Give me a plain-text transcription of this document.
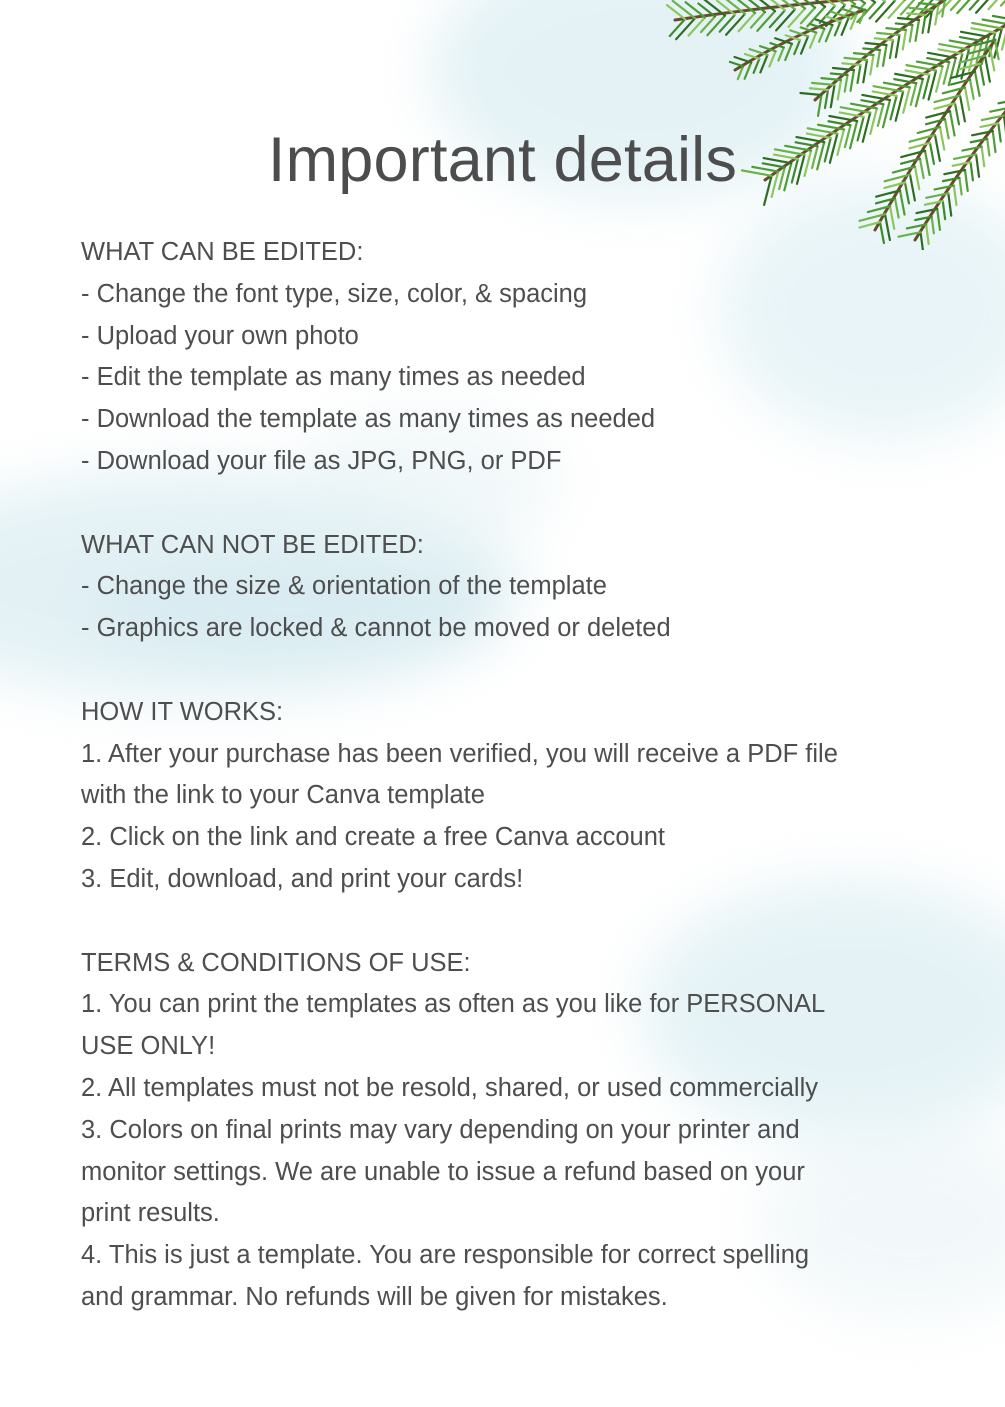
Important details
WHAT CAN BE EDITED:
- Change the font type, size, color, & spacing
- Upload your own photo
- Edit the template as many times as needed
- Download the template as many times as needed
- Download your file as JPG, PNG, or PDF
WHAT CAN NOT BE EDITED:
- Change the size & orientation of the template
- Graphics are locked & cannot be moved or deleted
HOW IT WORKS:
1. After your purchase has been verified, you will receive a PDF file
with the link to your Canva template
2. Click on the link and create a free Canva account
3. Edit, download, and print your cards!
TERMS & CONDITIONS OF USE:
1. You can print the templates as often as you like for PERSONAL
USE ONLY!
2. All templates must not be resold, shared, or used commercially
3. Colors on final prints may vary depending on your printer and
monitor settings. We are unable to issue a refund based on your
print results.
4. This is just a template. You are responsible for correct spelling
and grammar. No refunds will be given for mistakes.
